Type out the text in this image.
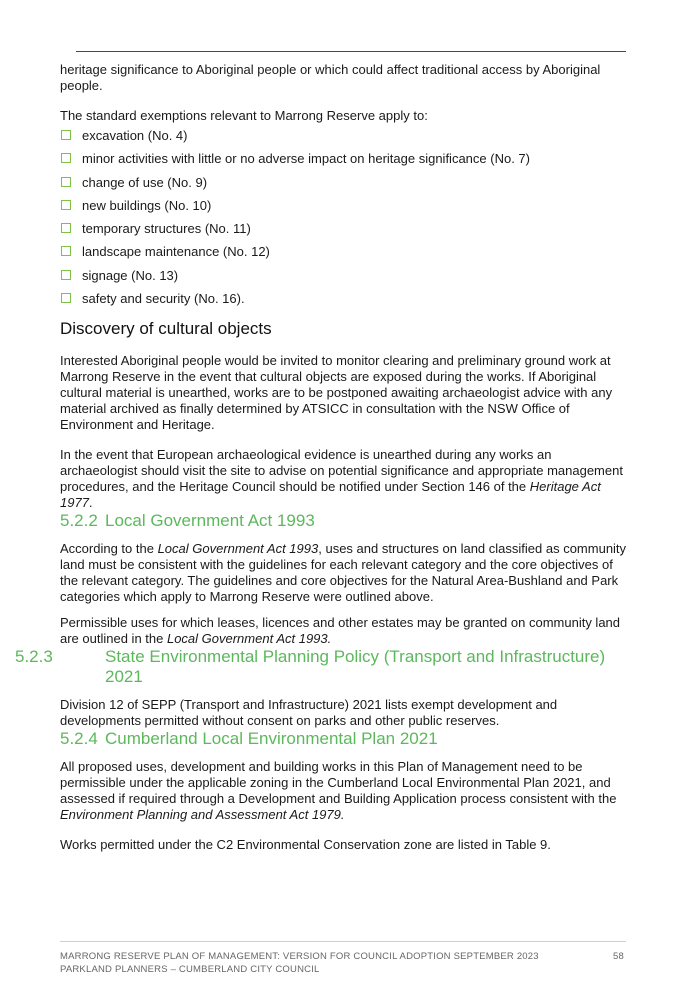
heritage significance to Aboriginal people or which could affect traditional access by Aboriginal people.

The standard exemptions relevant to Marrong Reserve apply to:

excavation (No. 4)
minor activities with little or no adverse impact on heritage significance (No. 7)
change of use (No. 9)
new buildings (No. 10)
temporary structures (No. 11)
landscape maintenance (No. 12)
signage (No. 13)
safety and security (No. 16).
Discovery of cultural objects

Interested Aboriginal people would be invited to monitor clearing and preliminary ground work at Marrong Reserve in the event that cultural objects are exposed during the works. If Aboriginal cultural material is unearthed, works are to be postponed awaiting archaeologist advice with any material archived as finally determined by ATSICC in consultation with the NSW Office of Environment and Heritage.

In the event that European archaeological evidence is unearthed during any works an archaeologist should visit the site to advise on potential significance and appropriate management procedures, and the Heritage Council should be notified under Section 146 of the Heritage Act 1977.

5.2.2 Local Government Act 1993

According to the Local Government Act 1993, uses and structures on land classified as community land must be consistent with the guidelines for each relevant category and the core objectives of the relevant category. The guidelines and core objectives for the Natural Area-Bushland and Park categories which apply to Marrong Reserve were outlined above.

Permissible uses for which leases, licences and other estates may be granted on community land are outlined in the Local Government Act 1993.

5.2.3	State Environmental Planning Policy (Transport and Infrastructure) 2021

Division 12 of SEPP (Transport and Infrastructure) 2021 lists exempt development and developments permitted without consent on parks and other public reserves.

5.2.4 Cumberland Local Environmental Plan 2021

All proposed uses, development and building works in this Plan of Management need to be permissible under the applicable zoning in the Cumberland Local Environmental Plan 2021, and assessed if required through a Development and Building Application process consistent with the Environment Planning and Assessment Act 1979.

Works permitted under the C2 Environmental Conservation zone are listed in Table 9.

MARRONG RESERVE PLAN OF MANAGEMENT: VERSION FOR COUNCIL ADOPTION SEPTEMBER 2023
PARKLAND PLANNERS – CUMBERLAND CITY COUNCIL
58
